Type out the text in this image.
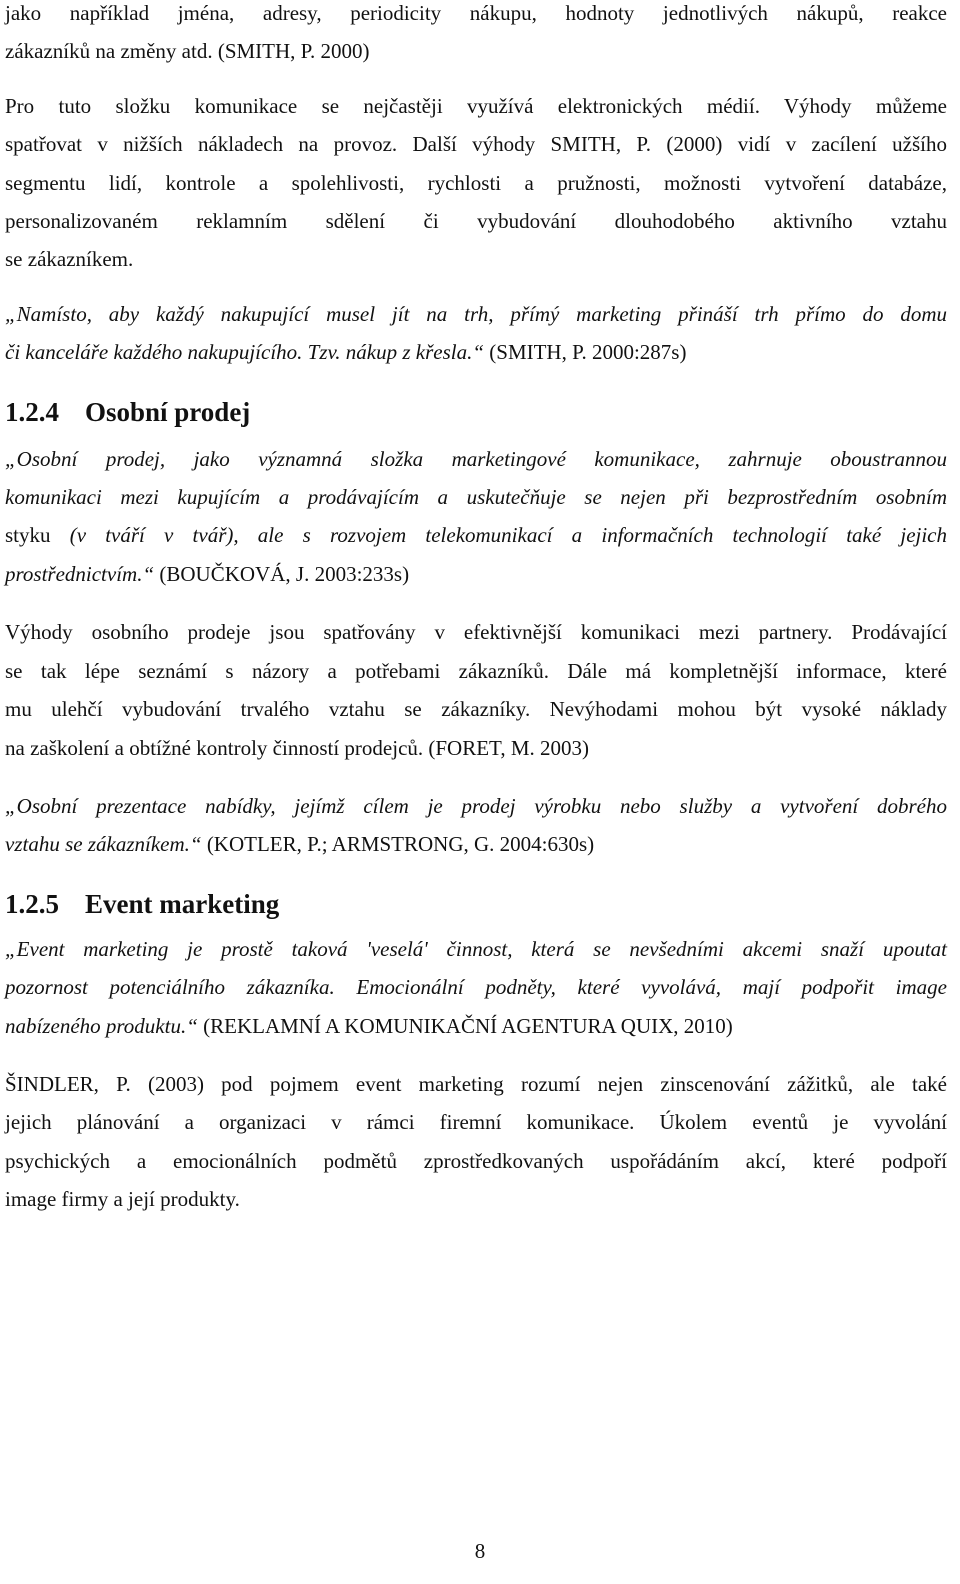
jako například jména, adresy, periodicity nákupu, hodnoty jednotlivých nákupů, reakce
zákazníků na změny atd. (SMITH, P. 2000)

Pro tuto složku komunikace se nejčastěji využívá elektronických médií. Výhody můžeme
spatřovat v nižších nákladech na provoz. Další výhody SMITH, P. (2000) vidí v zacílení užšího
segmentu lidí, kontrole a spolehlivosti, rychlosti a pružnosti, možnosti vytvoření databáze,
personalizovaném reklamním sdělení či vybudování dlouhodobého aktivního vztahu
se zákazníkem.

„Namísto, aby každý nakupující musel jít na trh, přímý marketing přináší trh přímo do domu
či kanceláře každého nakupujícího. Tzv. nákup z křesla.“ (SMITH, P. 2000:287s)

1.2.4 Osobní prodej

„Osobní prodej, jako významná složka marketingové komunikace, zahrnuje oboustrannou
komunikaci mezi kupujícím a prodávajícím a uskutečňuje se nejen při bezprostředním osobním
styku (v tváří v tvář), ale s rozvojem telekomunikací a informačních technologií také jejich
prostřednictvím.“ (BOUČKOVÁ, J. 2003:233s)

Výhody osobního prodeje jsou spatřovány v efektivnější komunikaci mezi partnery. Prodávající
se tak lépe seznámí s názory a potřebami zákazníků. Dále má kompletnější informace, které
mu ulehčí vybudování trvalého vztahu se zákazníky. Nevýhodami mohou být vysoké náklady
na zaškolení a obtížné kontroly činností prodejců. (FORET, M. 2003)

„Osobní prezentace nabídky, jejímž cílem je prodej výrobku nebo služby a vytvoření dobrého
vztahu se zákazníkem.“ (KOTLER, P.; ARMSTRONG, G. 2004:630s)

1.2.5 Event marketing

„Event marketing je prostě taková 'veselá' činnost, která se nevšedními akcemi snaží upoutat
pozornost potenciálního zákazníka. Emocionální podněty, které vyvolává, mají podpořit image
nabízeného produktu.“ (REKLAMNÍ A KOMUNIKAČNÍ AGENTURA QUIX, 2010)

ŠINDLER, P. (2003) pod pojmem event marketing rozumí nejen zinscenování zážitků, ale také
jejich plánování a organizaci v rámci firemní komunikace. Úkolem eventů je vyvolání
psychických a emocionálních podmětů zprostředkovaných uspořádáním akcí, které podpoří
image firmy a její produkty.

8
